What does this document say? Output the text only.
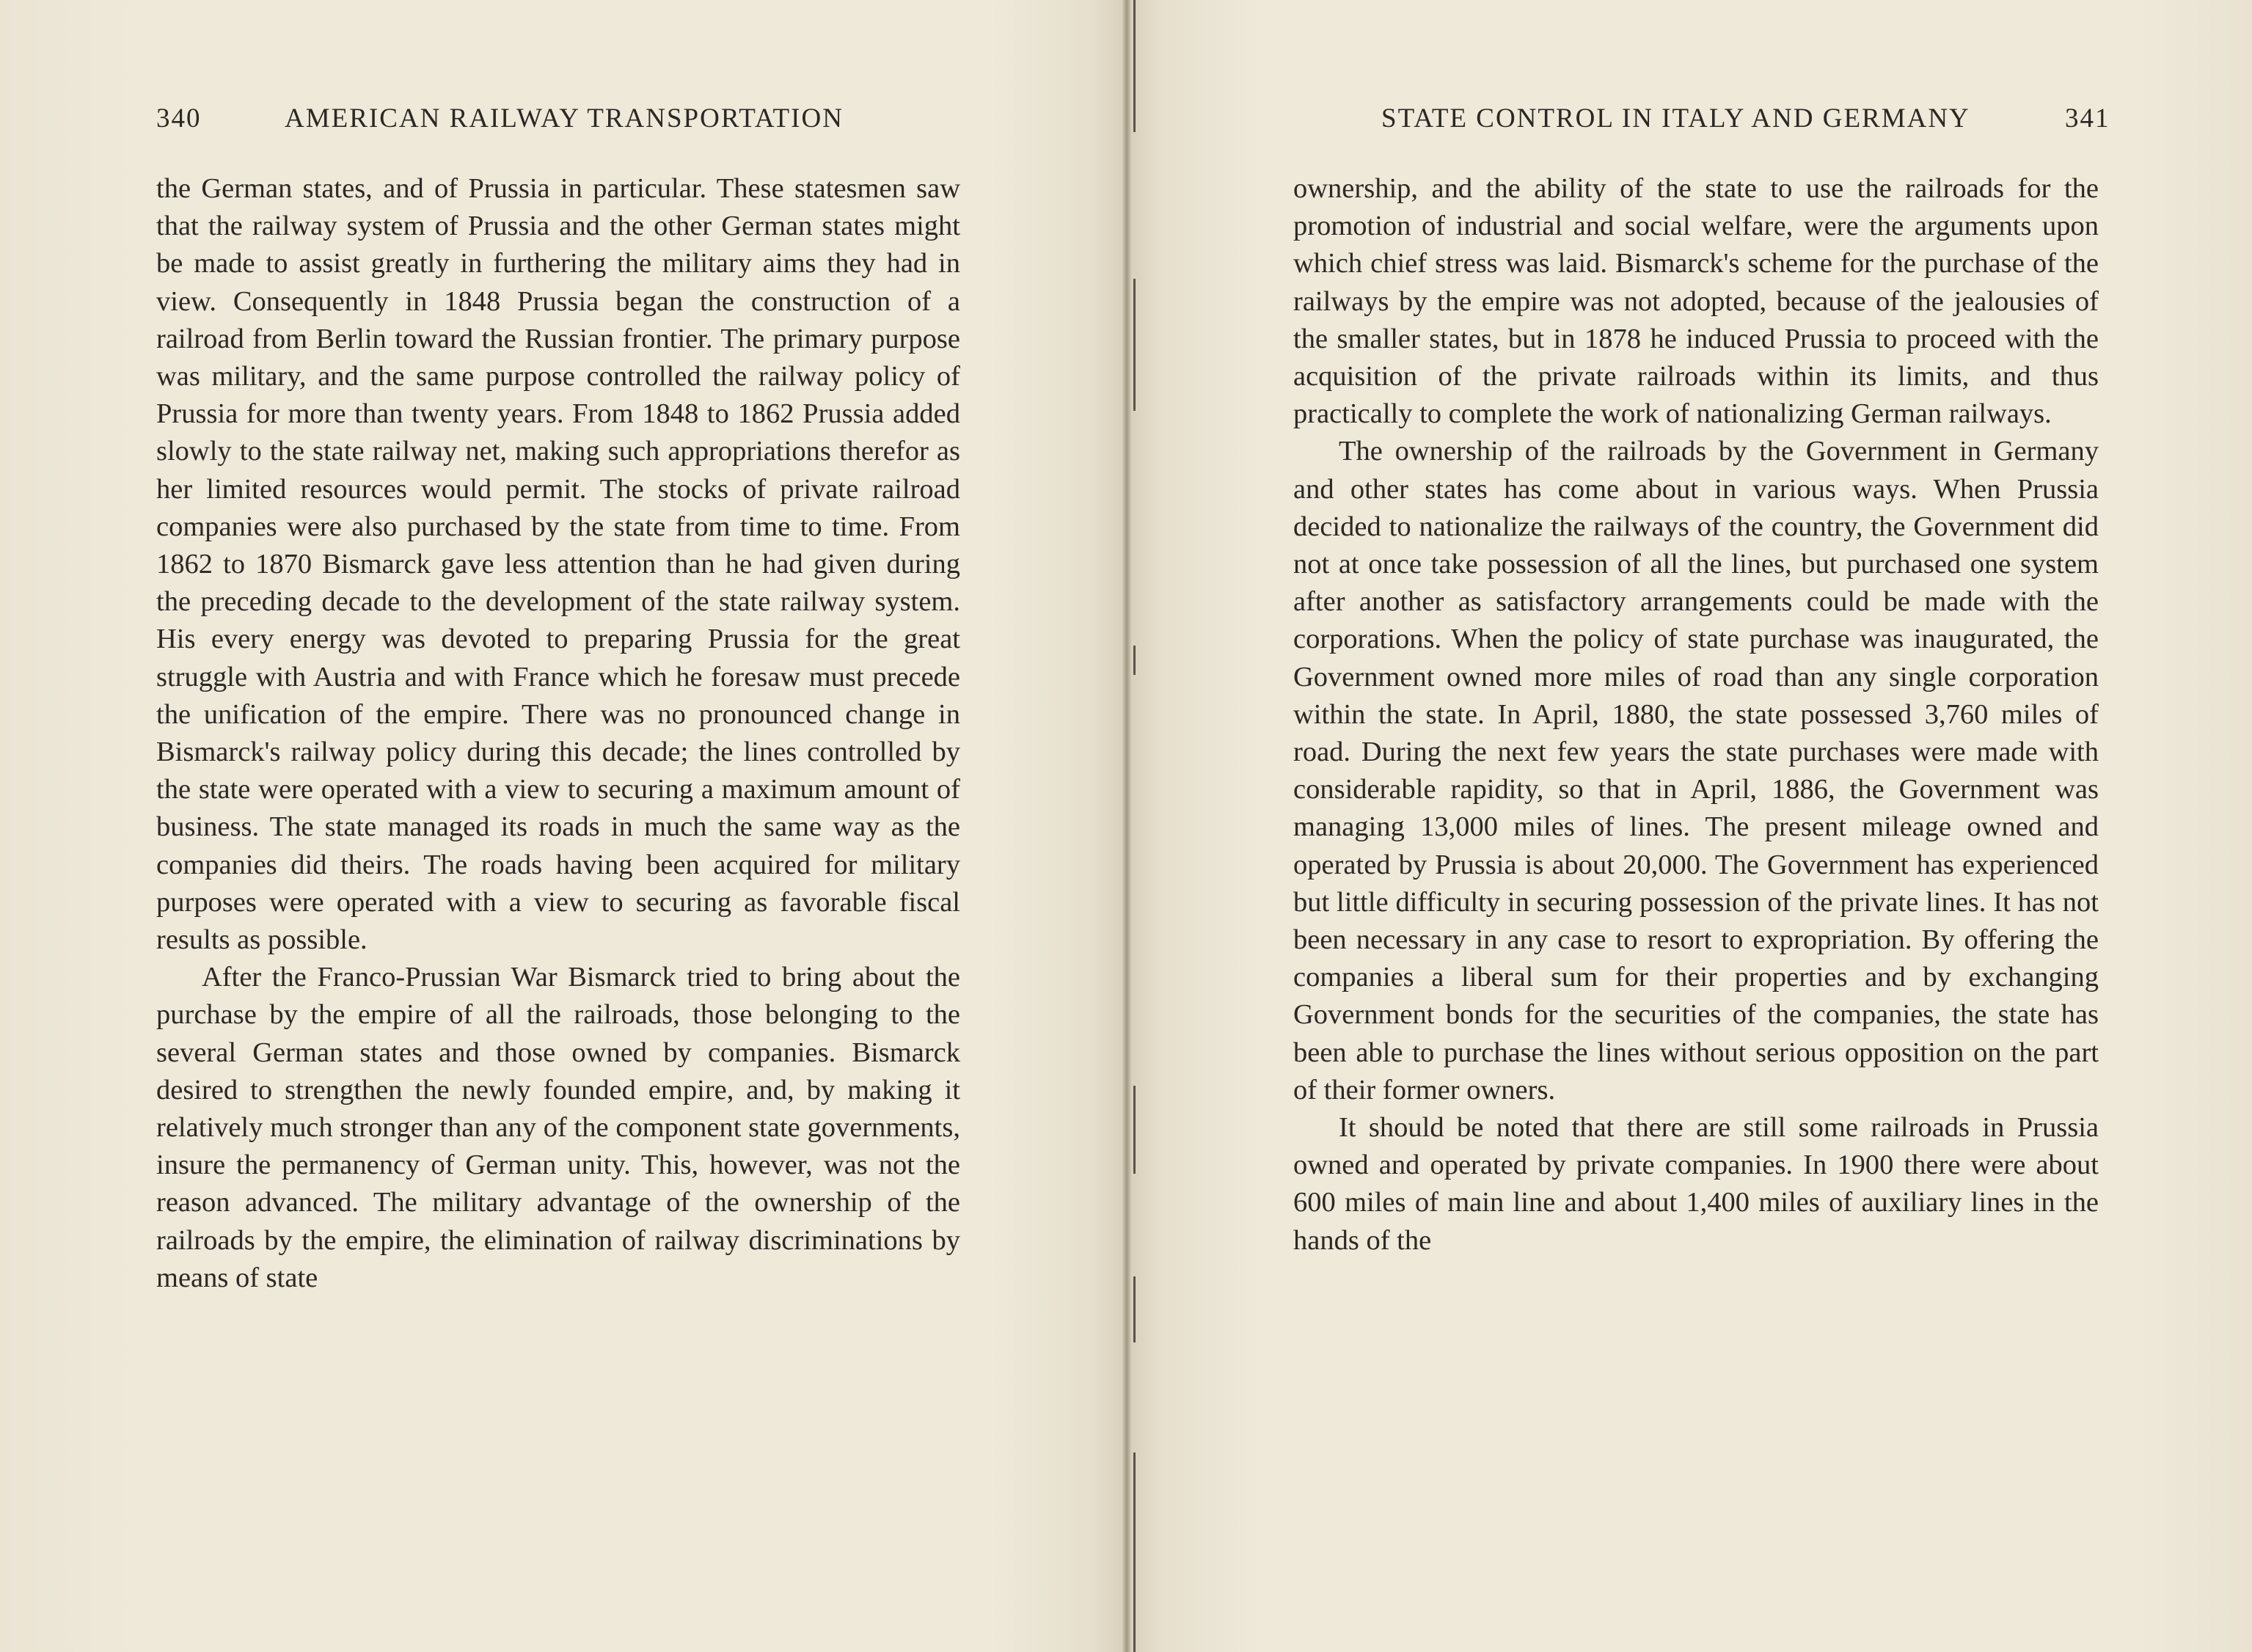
340	AMERICAN RAILWAY TRANSPORTATION

the German states, and of Prussia in particular. These statesmen saw that the railway system of Prussia and the other German states might be made to assist greatly in furthering the military aims they had in view. Consequently in 1848 Prussia began the construction of a railroad from Berlin toward the Russian frontier. The primary purpose was military, and the same purpose controlled the railway policy of Prussia for more than twenty years. From 1848 to 1862 Prussia added slowly to the state railway net, making such appropriations therefor as her limited resources would permit. The stocks of private railroad companies were also purchased by the state from time to time. From 1862 to 1870 Bismarck gave less attention than he had given during the preceding decade to the development of the state railway system. His every energy was devoted to preparing Prussia for the great struggle with Austria and with France which he foresaw must precede the unification of the empire. There was no pronounced change in Bismarck's railway policy during this decade; the lines controlled by the state were operated with a view to securing a maximum amount of business. The state managed its roads in much the same way as the companies did theirs. The roads having been acquired for military purposes were operated with a view to securing as favorable fiscal results as possible.

After the Franco-Prussian War Bismarck tried to bring about the purchase by the empire of all the railroads, those belonging to the several German states and those owned by companies. Bismarck desired to strengthen the newly founded empire, and, by making it relatively much stronger than any of the component state governments, insure the permanency of German unity. This, however, was not the reason advanced. The military advantage of the ownership of the railroads by the empire, the elimination of railway discriminations by means of state

STATE CONTROL IN ITALY AND GERMANY	341

ownership, and the ability of the state to use the railroads for the promotion of industrial and social welfare, were the arguments upon which chief stress was laid. Bismarck's scheme for the purchase of the railways by the empire was not adopted, because of the jealousies of the smaller states, but in 1878 he induced Prussia to proceed with the acquisition of the private railroads within its limits, and thus practically to complete the work of nationalizing German railways.

The ownership of the railroads by the Government in Germany and other states has come about in various ways. When Prussia decided to nationalize the railways of the country, the Government did not at once take possession of all the lines, but purchased one system after another as satisfactory arrangements could be made with the corporations. When the policy of state purchase was inaugurated, the Government owned more miles of road than any single corporation within the state. In April, 1880, the state possessed 3,760 miles of road. During the next few years the state purchases were made with considerable rapidity, so that in April, 1886, the Government was managing 13,000 miles of lines. The present mileage owned and operated by Prussia is about 20,000. The Government has experienced but little difficulty in securing possession of the private lines. It has not been necessary in any case to resort to expropriation. By offering the companies a liberal sum for their properties and by exchanging Government bonds for the securities of the companies, the state has been able to purchase the lines without serious opposition on the part of their former owners.

It should be noted that there are still some railroads in Prussia owned and operated by private companies. In 1900 there were about 600 miles of main line and about 1,400 miles of auxiliary lines in the hands of the
